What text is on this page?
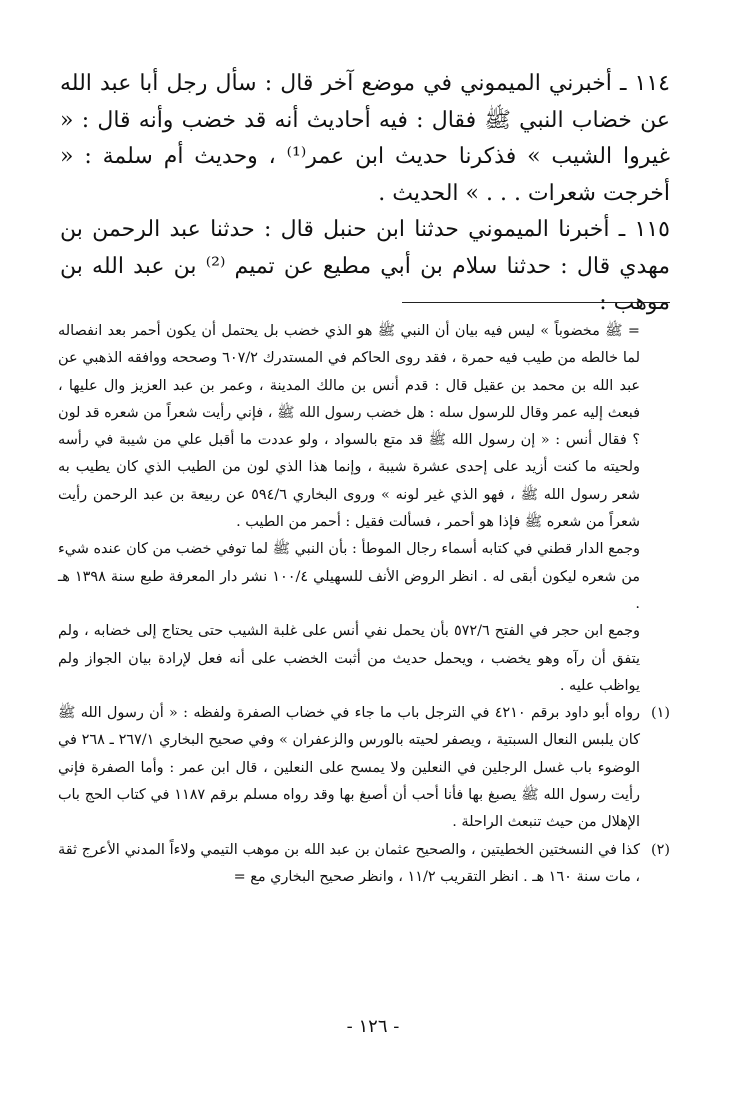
١١٤ ـ أخبرني الميموني في موضع آخر قال : سأل رجل أبا عبد الله عن خضاب النبي ﷺ فقال : فيه أحاديث أنه قد خضب وأنه قال : « غيروا الشيب » فذكرنا حديث ابن عمر⁽¹⁾ ، وحديث أم سلمة : « أخرجت شعرات . . . » الحديث .

١١٥ ـ أخبرنا الميموني حدثنا ابن حنبل قال : حدثنا عبد الرحمن بن مهدي قال : حدثنا سلام بن أبي مطيع عن تميم ⁽²⁾ بن عبد الله بن موهب :

= ﷺ مخضوباً » ليس فيه بيان أن النبي ﷺ هو الذي خضب بل يحتمل أن يكون أحمر بعد انفصاله لما خالطه من طيب فيه حمرة ، فقد روى الحاكم في المستدرك ٦٠٧/٢ وصححه ووافقه الذهبي عن عبد الله بن محمد بن عقيل قال : قدم أنس بن مالك المدينة ، وعمر بن عبد العزيز وال عليها ، فبعث إليه عمر وقال للرسول سله : هل خضب رسول الله ﷺ ، فإني رأيت شعراً من شعره قد لون ؟ فقال أنس : « إن رسول الله ﷺ قد متع بالسواد ، ولو عددت ما أقبل علي من شيبة في رأسه ولحيته ما كنت أزيد على إحدى عشرة شيبة ، وإنما هذا الذي لون من الطيب الذي كان يطيب به شعر رسول الله ﷺ ، فهو الذي غير لونه » وروى البخاري ٥٩٤/٦ عن ربيعة بن عبد الرحمن رأيت شعراً من شعره ﷺ فإذا هو أحمر ، فسألت فقيل : أحمر من الطيب .

وجمع الدار قطني في كتابه أسماء رجال الموطأ : بأن النبي ﷺ لما توفي خضب من كان عنده شيء من شعره ليكون أبقى له . انظر الروض الأنف للسهيلي ١٠٠/٤ نشر دار المعرفة طبع سنة ١٣٩٨ هـ .

وجمع ابن حجر في الفتح ٥٧٢/٦ بأن يحمل نفي أنس على غلبة الشيب حتى يحتاج إلى خضابه ، ولم يتفق أن رآه وهو يخضب ، ويحمل حديث من أثبت الخضب على أنه فعل لإرادة بيان الجواز ولم يواظب عليه .

(١)
رواه أبو داود برقم ٤٢١٠ في الترجل باب ما جاء في خضاب الصفرة ولفظه : « أن رسول الله ﷺ كان يلبس النعال السبتية ، ويصفر لحيته بالورس والزعفران » وفي صحيح البخاري ٢٦٧/١ ـ ٢٦٨ في الوضوء باب غسل الرجلين في النعلين ولا يمسح على النعلين ، قال ابن عمر : وأما الصفرة فإني رأيت رسول الله ﷺ يصبغ بها فأنا أحب أن أصبغ بها وقد رواه مسلم برقم ١١٨٧ في كتاب الحج باب الإهلال من حيث تنبعث الراحلة .

(٢)
كذا في النسختين الخطيتين ، والصحيح عثمان بن عبد الله بن موهب التيمي ولاءاً المدني الأعرج ثقة ، مات سنة ١٦٠ هـ . انظر التقريب ١١/٢ ، وانظر صحيح البخاري مع =

- ١٢٦ -
